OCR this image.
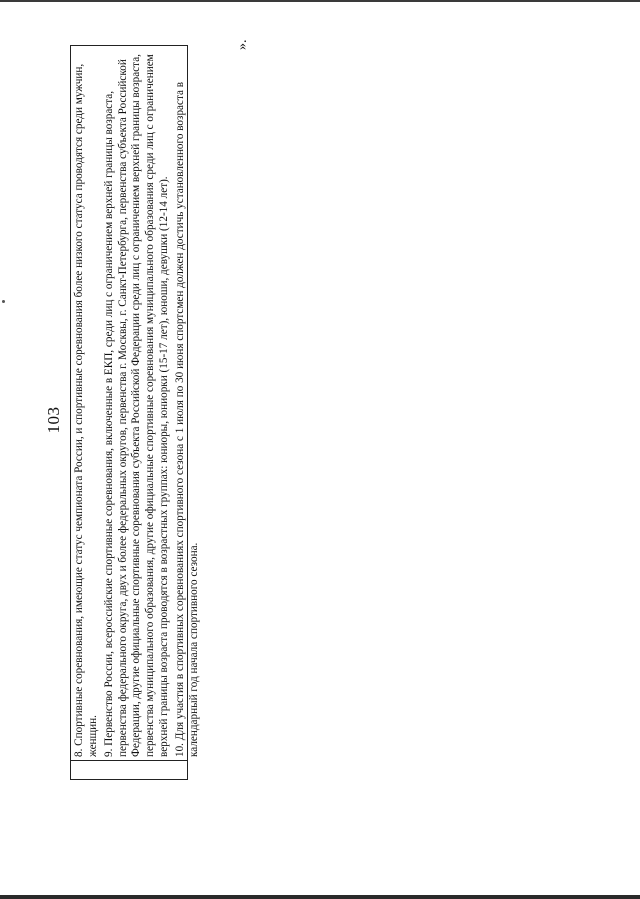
103 8. Спортивные соревнования, имеющие статус чемпионата России, и спортивные соревнования более низкого статуса проводятся среди мужчин, женщин. 9. Первенство России, всероссийские спортивные соревнования, включенные в ЕКП, среди лиц с ограничением верхней границы возраста, первенства федерального округа, двух и более федеральных округов, первенства г. Москвы, г. Санкт-Петербурга, первенства субъекта Российской Федерации, другие официальные спортивные соревнования субъекта Российской Федерации среди лиц с ограничением верхней границы возраста, первенства муниципального образования, другие официальные спортивные соревнования муниципального образования среди лиц с ограничением верхней границы возраста проводятся в возрастных группах: юниоры, юниорки (15-17 лет), юноши, девушки (12-14 лет). 10. Для участия в спортивных соревнованиях спортивного сезона с 1 июля по 30 июня спортсмен должен достичь установленного возраста в календарный год начала спортивного сезона.

».
